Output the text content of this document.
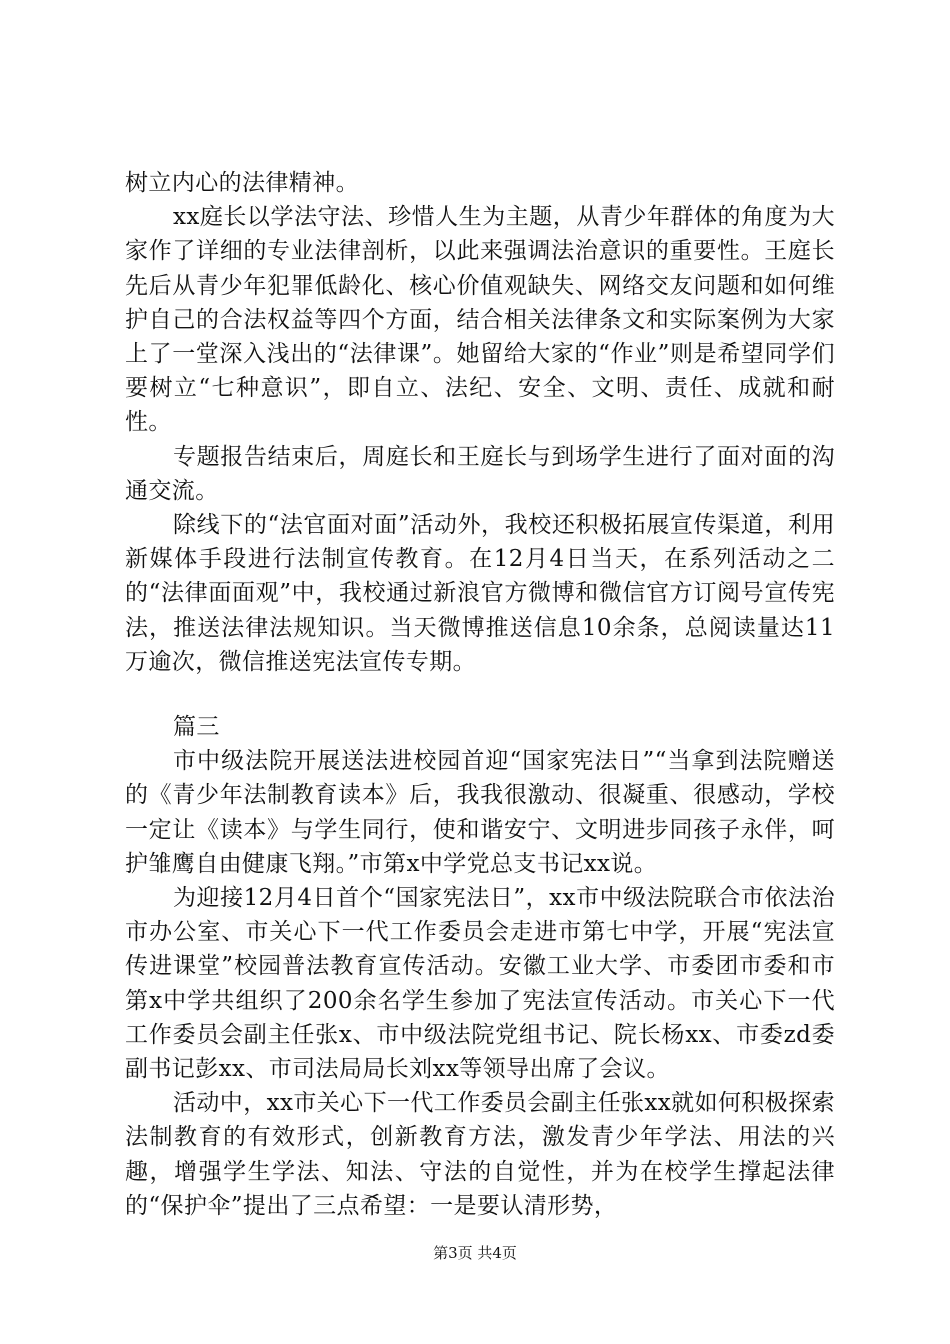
树立内心的法律精神。

xx庭长以学法守法、珍惜人生为主题，从青少年群体的角度为大家作了详细的专业法律剖析，以此来强调法治意识的重要性。王庭长先后从青少年犯罪低龄化、核心价值观缺失、网络交友问题和如何维护自己的合法权益等四个方面，结合相关法律条文和实际案例为大家上了一堂深入浅出的“法律课”。她留给大家的“作业”则是希望同学们要树立“七种意识”，即自立、法纪、安全、文明、责任、成就和耐性。

专题报告结束后，周庭长和王庭长与到场学生进行了面对面的沟通交流。

除线下的“法官面对面”活动外，我校还积极拓展宣传渠道，利用新媒体手段进行法制宣传教育。在12月4日当天，在系列活动之二的“法律面面观”中，我校通过新浪官方微博和微信官方订阅号宣传宪法，推送法律法规知识。当天微博推送信息10余条，总阅读量达11万逾次，微信推送宪法宣传专期。

篇三

市中级法院开展送法进校园首迎“国家宪法日”“当拿到法院赠送的《青少年法制教育读本》后，我我很激动、很凝重、很感动，学校一定让《读本》与学生同行，使和谐安宁、文明进步同孩子永伴，呵护雏鹰自由健康飞翔。”市第x中学党总支书记xx说。

为迎接12月4日首个“国家宪法日”，xx市中级法院联合市依法治市办公室、市关心下一代工作委员会走进市第七中学，开展“宪法宣传进课堂”校园普法教育宣传活动。安徽工业大学、市委团市委和市第x中学共组织了200余名学生参加了宪法宣传活动。市关心下一代工作委员会副主任张x、市中级法院党组书记、院长杨xx、市委zd委副书记彭xx、市司法局局长刘xx等领导出席了会议。

活动中，xx市关心下一代工作委员会副主任张xx就如何积极探索法制教育的有效形式，创新教育方法，激发青少年学法、用法的兴趣，增强学生学法、知法、守法的自觉性，并为在校学生撑起法律的“保护伞”提出了三点希望：一是要认清形势，

第3页 共4页
